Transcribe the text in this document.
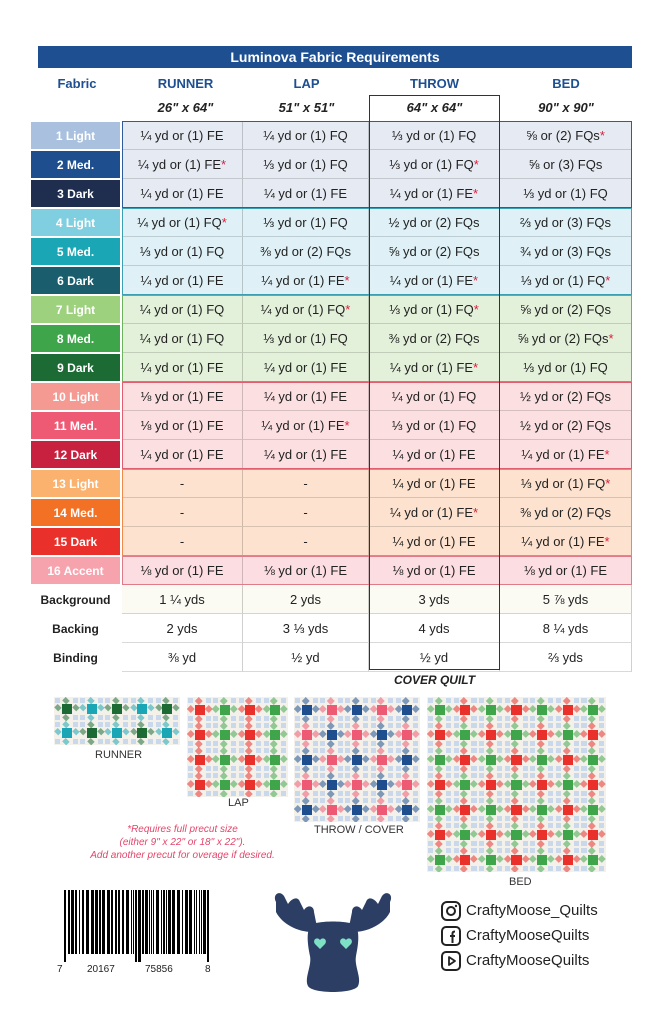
Luminova Fabric Requirements
Fabric	RUNNER	LAP	THROW	BED
26" x 64"	51" x 51"	64" x 64"	90" x 90"
1 Light	¼ yd or (1) FE	¼ yd or (1) FQ	⅓ yd or (1) FQ	⅝ or (2) FQs *
2 Med.	¼ yd or (1) FE *	⅓ yd or (1) FQ	⅓ yd or (1) FQ *	⅝ or (3) FQs
3 Dark	¼ yd or (1) FE	¼ yd or (1) FE	¼ yd or (1) FE *	⅓ yd or (1) FQ
4 Light	¼ yd or (1) FQ *	⅓ yd or (1) FQ	½ yd or (2) FQs	⅔ yd or (3) FQs
5 Med.	⅓ yd or (1) FQ	⅜ yd or (2) FQs	⅝ yd or (2) FQs	¾ yd or (3) FQs
6 Dark	¼ yd or (1) FE	¼ yd or (1) FE *	¼ yd or (1) FE *	⅓ yd or (1) FQ *
7 Light	¼ yd or (1) FQ	¼ yd or (1) FQ *	⅓ yd or (1) FQ *	⅝ yd or (2) FQs
8 Med.	¼ yd or (1) FQ	⅓ yd or (1) FQ	⅜ yd or (2) FQs	⅝ yd or (2) FQs *
9 Dark	¼ yd or (1) FE	¼ yd or (1) FE	¼ yd or (1) FE *	⅓ yd or (1) FQ
10 Light	⅛ yd or (1) FE	¼ yd or (1) FE	¼ yd or (1) FQ	½ yd or (2) FQs
11 Med.	⅛ yd or (1) FE	¼ yd or (1) FE *	⅓ yd or (1) FQ	½ yd or (2) FQs
12 Dark	¼ yd or (1) FE	¼ yd or (1) FE	¼ yd or (1) FE	¼ yd or (1) FE *
13 Light	-	-	¼ yd or (1) FE	⅓ yd or (1) FQ *
14 Med.	-	-	¼ yd or (1) FE *	⅜ yd or (2) FQs
15 Dark	-	-	¼ yd or (1) FE	¼ yd or (1) FE *
16 Accent	⅛ yd or (1) FE	⅛ yd or (1) FE	⅛ yd or (1) FE	⅛ yd or (1) FE
Background	1 ¼ yds	2 yds	3 yds	5 ⅞ yds
Backing	2 yds	3 ⅓ yds	4 yds	8 ¼ yds
Binding	⅜ yd	½ yd	½ yd	⅔ yds
COVER QUILT
RUNNER
LAP
THROW / COVER
BED
*Requires full precut size
(either 9" x 22" or 18" x 22").
Add another precut for overage if desired.
7 20167	75856	8
CraftyMoose_Quilts
CraftyMooseQuilts
CraftyMooseQuilts
